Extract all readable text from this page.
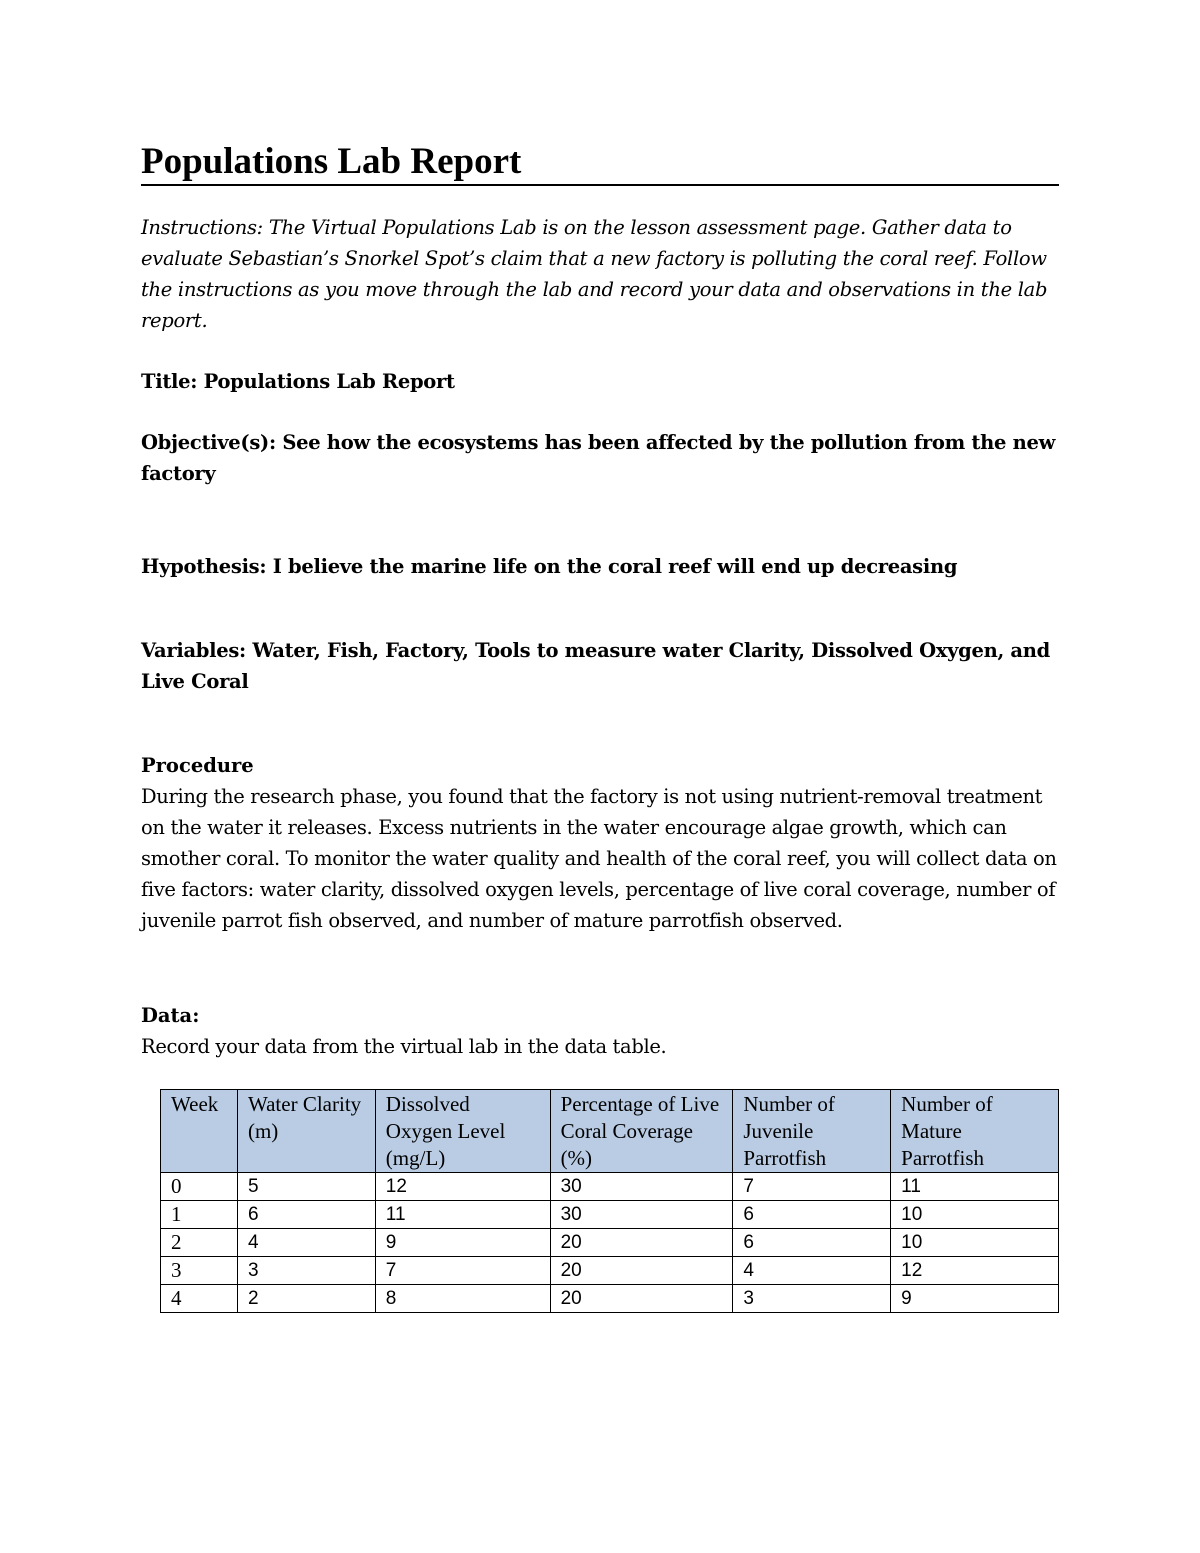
Populations Lab Report

Instructions: The Virtual Populations Lab is on the lesson assessment page. Gather data to evaluate Sebastian’s Snorkel Spot’s claim that a new factory is polluting the coral reef. Follow the instructions as you move through the lab and record your data and observations in the lab report.

Title: Populations Lab Report

Objective(s): See how the ecosystems has been affected by the pollution from the new factory

Hypothesis: I believe the marine life on the coral reef will end up decreasing

Variables: Water, Fish, Factory, Tools to measure water Clarity, Dissolved Oxygen, and Live Coral

Procedure

During the research phase, you found that the factory is not using nutrient-removal treatment on the water it releases. Excess nutrients in the water encourage algae growth, which can smother coral. To monitor the water quality and health of the coral reef, you will collect data on five factors: water clarity, dissolved oxygen levels, percentage of live coral coverage, number of juvenile parrot fish observed, and number of mature parrotfish observed.

Data:

Record your data from the virtual lab in the data table.

Week	Water Clarity (m)	Dissolved Oxygen Level (mg/L)	Percentage of Live Coral Coverage (%)	Number of Juvenile Parrotfish	Number of Mature Parrotfish
0	5	12	30	7	11
1	6	11	30	6	10
2	4	9	20	6	10
3	3	7	20	4	12
4	2	8	20	3	9
